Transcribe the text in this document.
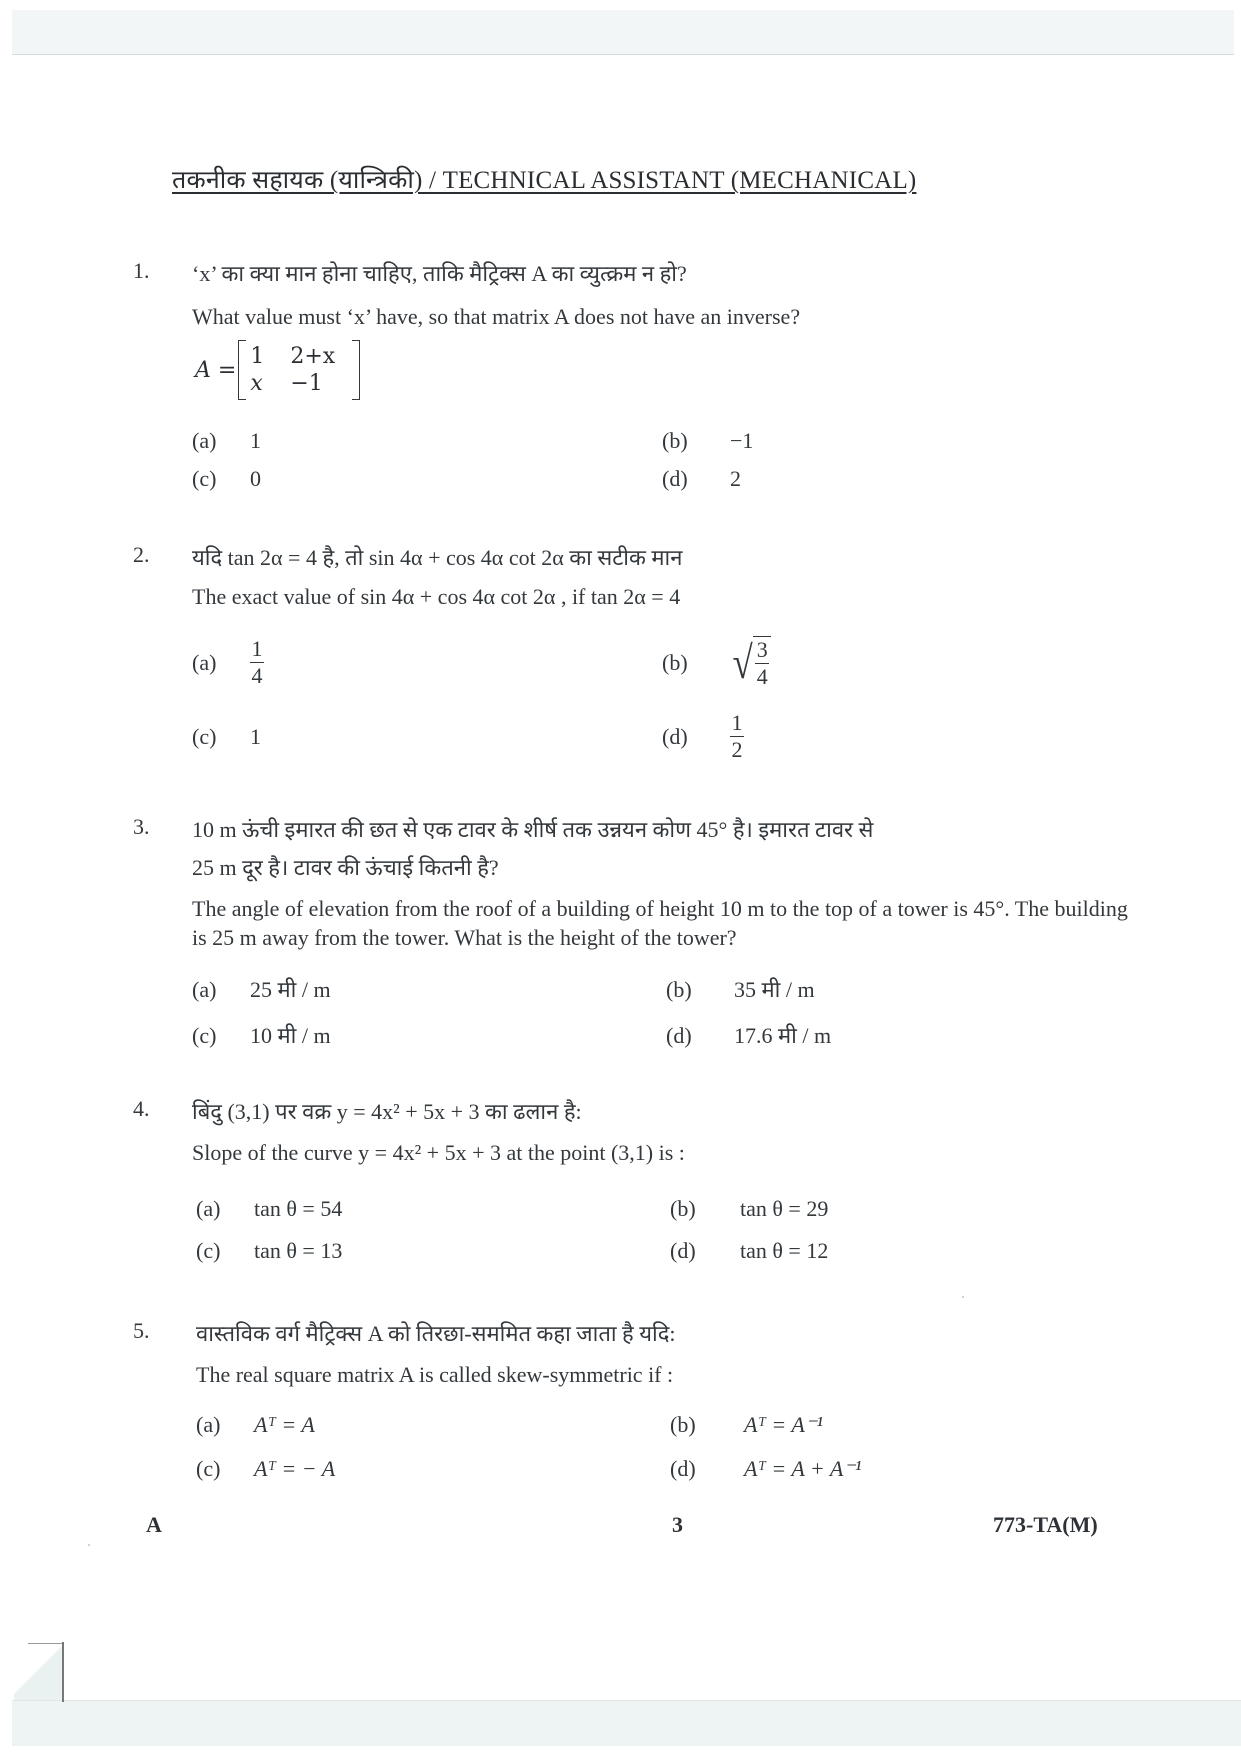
तकनीक सहायक (यान्त्रिकी) / TECHNICAL ASSISTANT (MECHANICAL)
1. ‘x’ का क्या मान होना चाहिए, ताकि मैट्रिक्स A का व्युत्क्रम न हो?
What value must ‘x’ have, so that matrix A does not have an inverse?
A =
1	2+x
x	−1
(a) 1	(b) −1
(c) 0	(d) 2
2. यदि tan 2α = 4 है, तो sin 4α + cos 4α cot 2α का सटीक मान
The exact value of sin 4α + cos 4α cot 2α , if tan 2α = 4
$(a) \frac{1}{4}$	(b) √ $\frac{3}{4}$
(c) 1	$(d) \frac{1}{2}$
3. 10 m ऊंची इमारत की छत से एक टावर के शीर्ष तक उन्नयन कोण 45° है। इमारत टावर से
25 m दूर है। टावर की ऊंचाई कितनी है?
The angle of elevation from the roof of a building of height 10 m to the top of a tower is 45°. The building is 25 m away from the tower. What is the height of the tower?
(a) 25 मी / m	(b) 35 मी / m
(c) 10 मी / m	(d) 17.6 मी / m
4. बिंदु (3,1) पर वक्र y = 4x² + 5x + 3 का ढलान है:
Slope of the curve y = 4x² + 5x + 3 at the point (3,1) is :
(a) tan θ = 54	(b) tan θ = 29
(c) tan θ = 13	(d) tan θ = 12
5. वास्तविक वर्ग मैट्रिक्स A को तिरछा-सममित कहा जाता है यदि:
The real square matrix A is called skew-symmetric if :
(a) Aᵀ = A	(b) Aᵀ = A⁻¹
(c) Aᵀ = − A	(d) Aᵀ = A + A⁻¹
A	3	773-TA(M)
